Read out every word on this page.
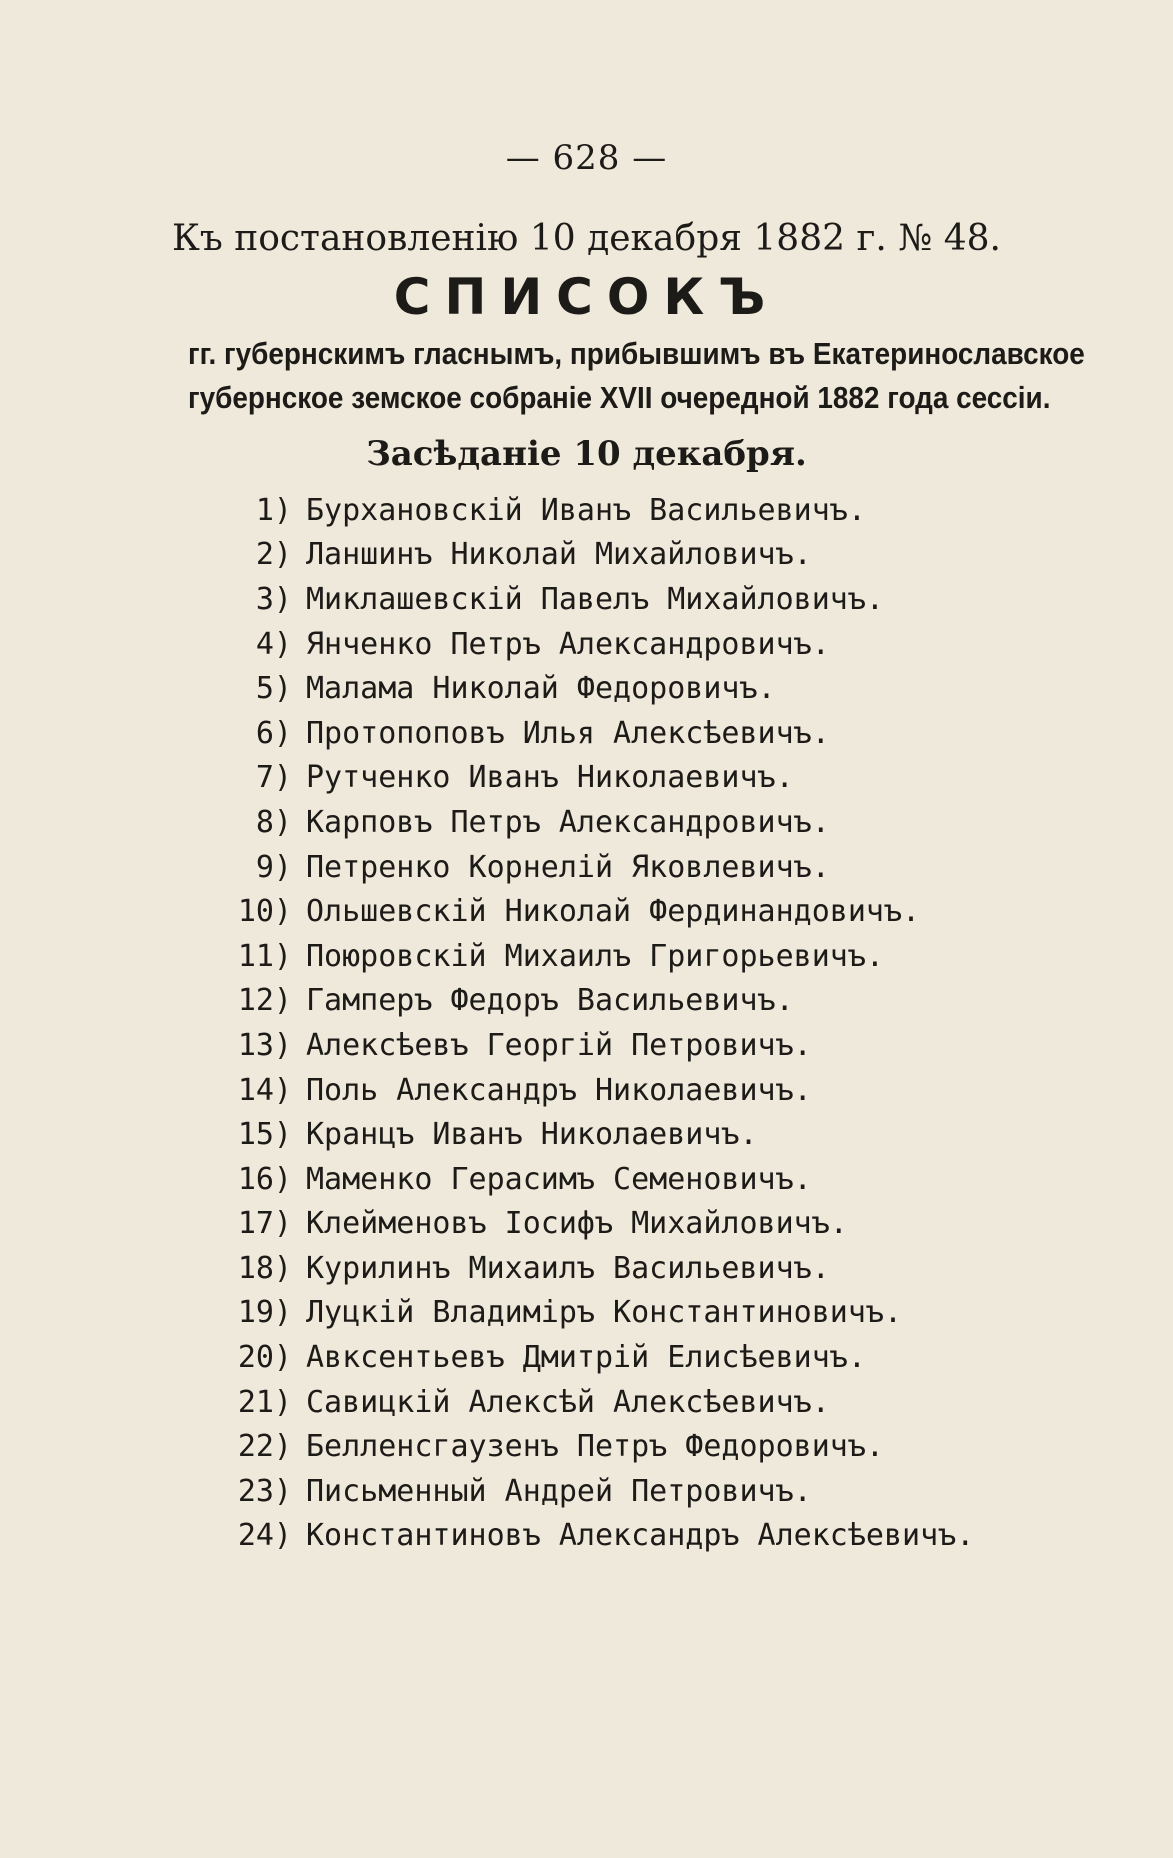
— 628 —
Къ постановленію 10 декабря 1882 г. № 48.
СПИСОКЪ
гг. губернскимъ гласнымъ, прибывшимъ въ Екатеринославское
губернское земское собраніе XVII очередной 1882 года сессіи.
Засѣданіе 10 декабря.
1) Бурхановскій Иванъ Васильевичъ.
2) Ланшинъ Николай Михайловичъ.
3) Миклашевскій Павелъ Михайловичъ.
4) Янченко Петръ Александровичъ.
5) Малама Николай Федоровичъ.
6) Протопоповъ Илья Алексѣевичъ.
7) Рутченко Иванъ Николаевичъ.
8) Карповъ Петръ Александровичъ.
9) Петренко Корнелій Яковлевичъ.
10) Ольшевскій Николай Фердинандовичъ.
11) Поюровскій Михаилъ Григорьевичъ.
12) Гамперъ Федоръ Васильевичъ.
13) Алексѣевъ Георгій Петровичъ.
14) Поль Александръ Николаевичъ.
15) Кранцъ Иванъ Николаевичъ.
16) Маменко Герасимъ Семеновичъ.
17) Клейменовъ Іосифъ Михайловичъ.
18) Курилинъ Михаилъ Васильевичъ.
19) Луцкій Владиміръ Константиновичъ.
20) Авксентьевъ Дмитрій Елисѣевичъ.
21) Савицкій Алексѣй Алексѣевичъ.
22) Белленсгаузенъ Петръ Федоровичъ.
23) Письменный Андрей Петровичъ.
24) Константиновъ Александръ Алексѣевичъ.
